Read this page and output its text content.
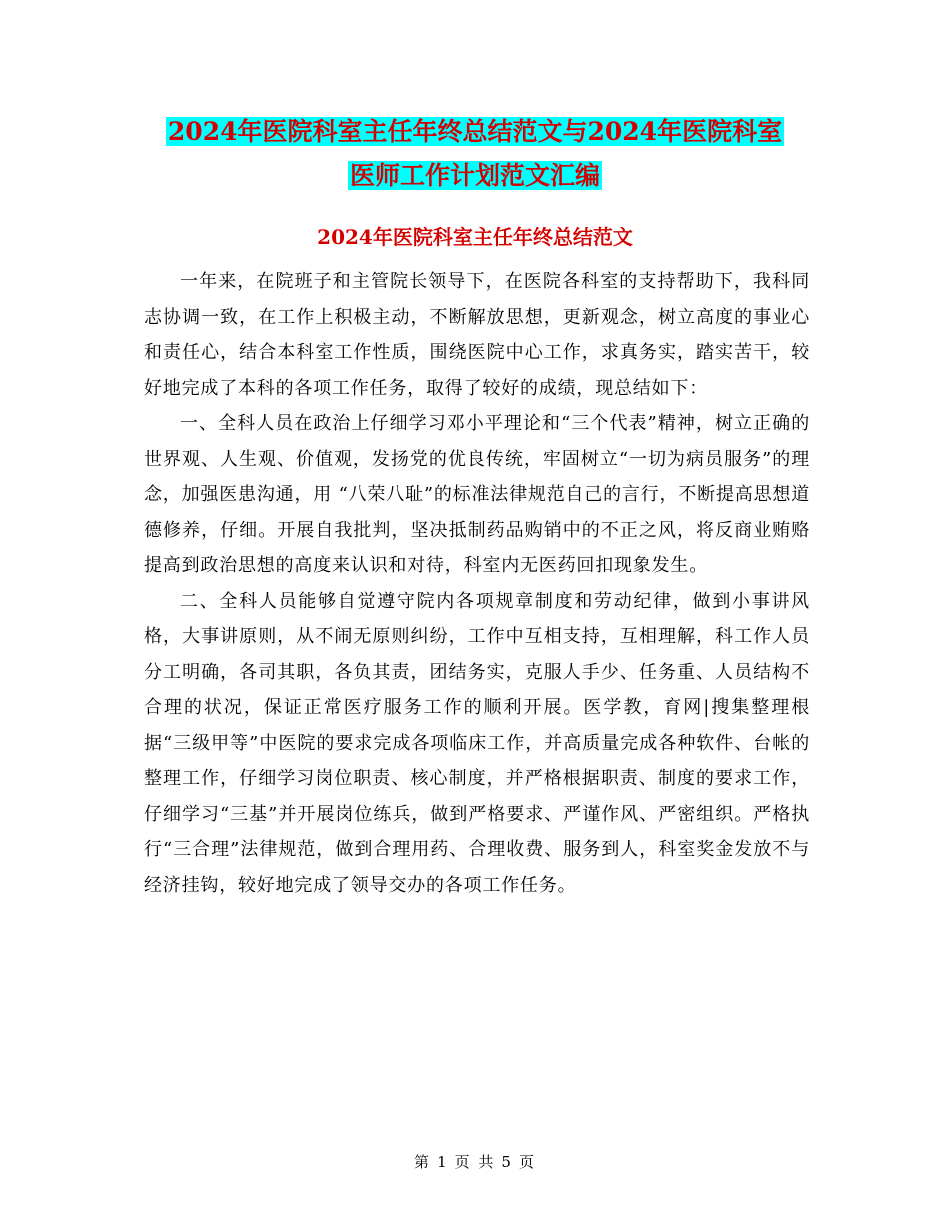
2024年医院科室主任年终总结范文与2024年医院科室
医师工作计划范文汇编
2024年医院科室主任年终总结范文

一年来，在院班子和主管院长领导下，在医院各科室的支持帮助下，我科同志协调一致，在工作上积极主动，不断解放思想，更新观念，树立高度的事业心和责任心，结合本科室工作性质，围绕医院中心工作，求真务实，踏实苦干，较好地完成了本科的各项工作任务，取得了较好的成绩，现总结如下：

一、全科人员在政治上仔细学习邓小平理论和“三个代表”精神，树立正确的世界观、人生观、价值观，发扬党的优良传统，牢固树立“一切为病员服务”的理念，加强医患沟通，用 “八荣八耻”的标准法律规范自己的言行，不断提高思想道德修养，仔细。开展自我批判，坚决抵制药品购销中的不正之风，将反商业贿赂提高到政治思想的高度来认识和对待，科室内无医药回扣现象发生。

二、全科人员能够自觉遵守院内各项规章制度和劳动纪律，做到小事讲风格，大事讲原则，从不闹无原则纠纷，工作中互相支持，互相理解，科工作人员分工明确，各司其职，各负其责，团结务实，克服人手少、任务重、人员结构不合理的状况，保证正常医疗服务工作的顺利开展。医学教，育网|搜集整理根据“三级甲等”中医院的要求完成各项临床工作，并高质量完成各种软件、台帐的整理工作，仔细学习岗位职责、核心制度，并严格根据职责、制度的要求工作，仔细学习“三基”并开展岗位练兵，做到严格要求、严谨作风、严密组织。严格执行“三合理”法律规范，做到合理用药、合理收费、服务到人，科室奖金发放不与经济挂钩，较好地完成了领导交办的各项工作任务。

第 1 页 共 5 页
